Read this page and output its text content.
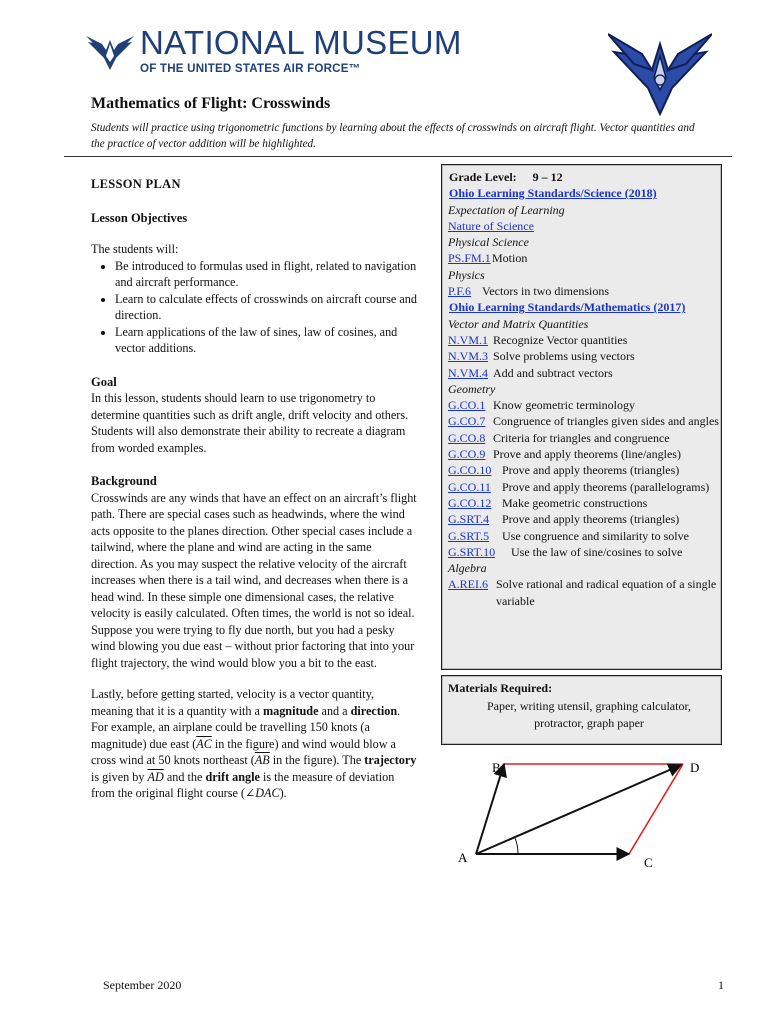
NATIONAL MUSEUM
OF THE UNITED STATES AIR FORCE™
Mathematics of Flight: Crosswinds
Students will practice using trigonometric functions by learning about the effects of crosswinds on aircraft flight. Vector quantities and the practice of vector addition will be highlighted.
LESSON PLAN
Lesson Objectives

The students will:

• Be introduced to formulas used in flight, related to navigation and aircraft performance.
• Learn to calculate effects of crosswinds on aircraft course and direction.
• Learn applications of the law of sines, law of cosines, and vector additions.
Goal

In this lesson, students should learn to use trigonometry to determine quantities such as drift angle, drift velocity and others. Students will also demonstrate their ability to recreate a diagram from worded examples.

Background

Crosswinds are any winds that have an effect on an aircraft’s flight path. There are special cases such as headwinds, where the wind acts opposite to the planes direction. Other special cases include a tailwind, where the plane and wind are acting in the same direction. As you may suspect the relative velocity of the aircraft increases when there is a tail wind, and decreases when there is a head wind. In these simple one dimensional cases, the relative velocity is easily calculated. Often times, the world is not so ideal. Suppose you were trying to fly due north, but you had a pesky wind blowing you due east – without prior factoring that into your flight trajectory, the wind would blow you a bit to the east.

Lastly, before getting started, velocity is a vector quantity, meaning that it is a quantity with a magnitude and a direction. For example, an airplane could be travelling 150 knots (a magnitude) due east ($\overline{AC}$ in the figure) and wind would blow a cross wind at 50 knots northeast ($\overline{AB}$ in the figure). The trajectory is given by $\overline{AD}$ and the drift angle is the measure of deviation from the original flight course (∠DAC).

Grade Level: 9 – 12
Ohio Learning Standards/Science (2018)
Expectation of Learning
Nature of Science
Physical Science
PS.FM.1 Motion
Physics
P.F.6 Vectors in two dimensions
Ohio Learning Standards/Mathematics (2017)
Vector and Matrix Quantities
N.VM.1 Recognize Vector quantities
N.VM.3 Solve problems using vectors
N.VM.4 Add and subtract vectors
Geometry
G.CO.1 Know geometric terminology
G.CO.7 Congruence of triangles given sides and angles
G.CO.8 Criteria for triangles and congruence
G.CO.9 Prove and apply theorems (line/angles)
G.CO.10 Prove and apply theorems (triangles)
G.CO.11 Prove and apply theorems (parallelograms)
G.CO.12 Make geometric constructions
G.SRT.4 Prove and apply theorems (triangles)
G.SRT.5 Use congruence and similarity to solve
G.SRT.10 Use the law of sine/cosines to solve
Algebra
A.REI.6 Solve rational and radical equation of a single variable
Materials Required:
Paper, writing utensil, graphing calculator, protractor, graph paper
B	D
A	C
September 2020	1
